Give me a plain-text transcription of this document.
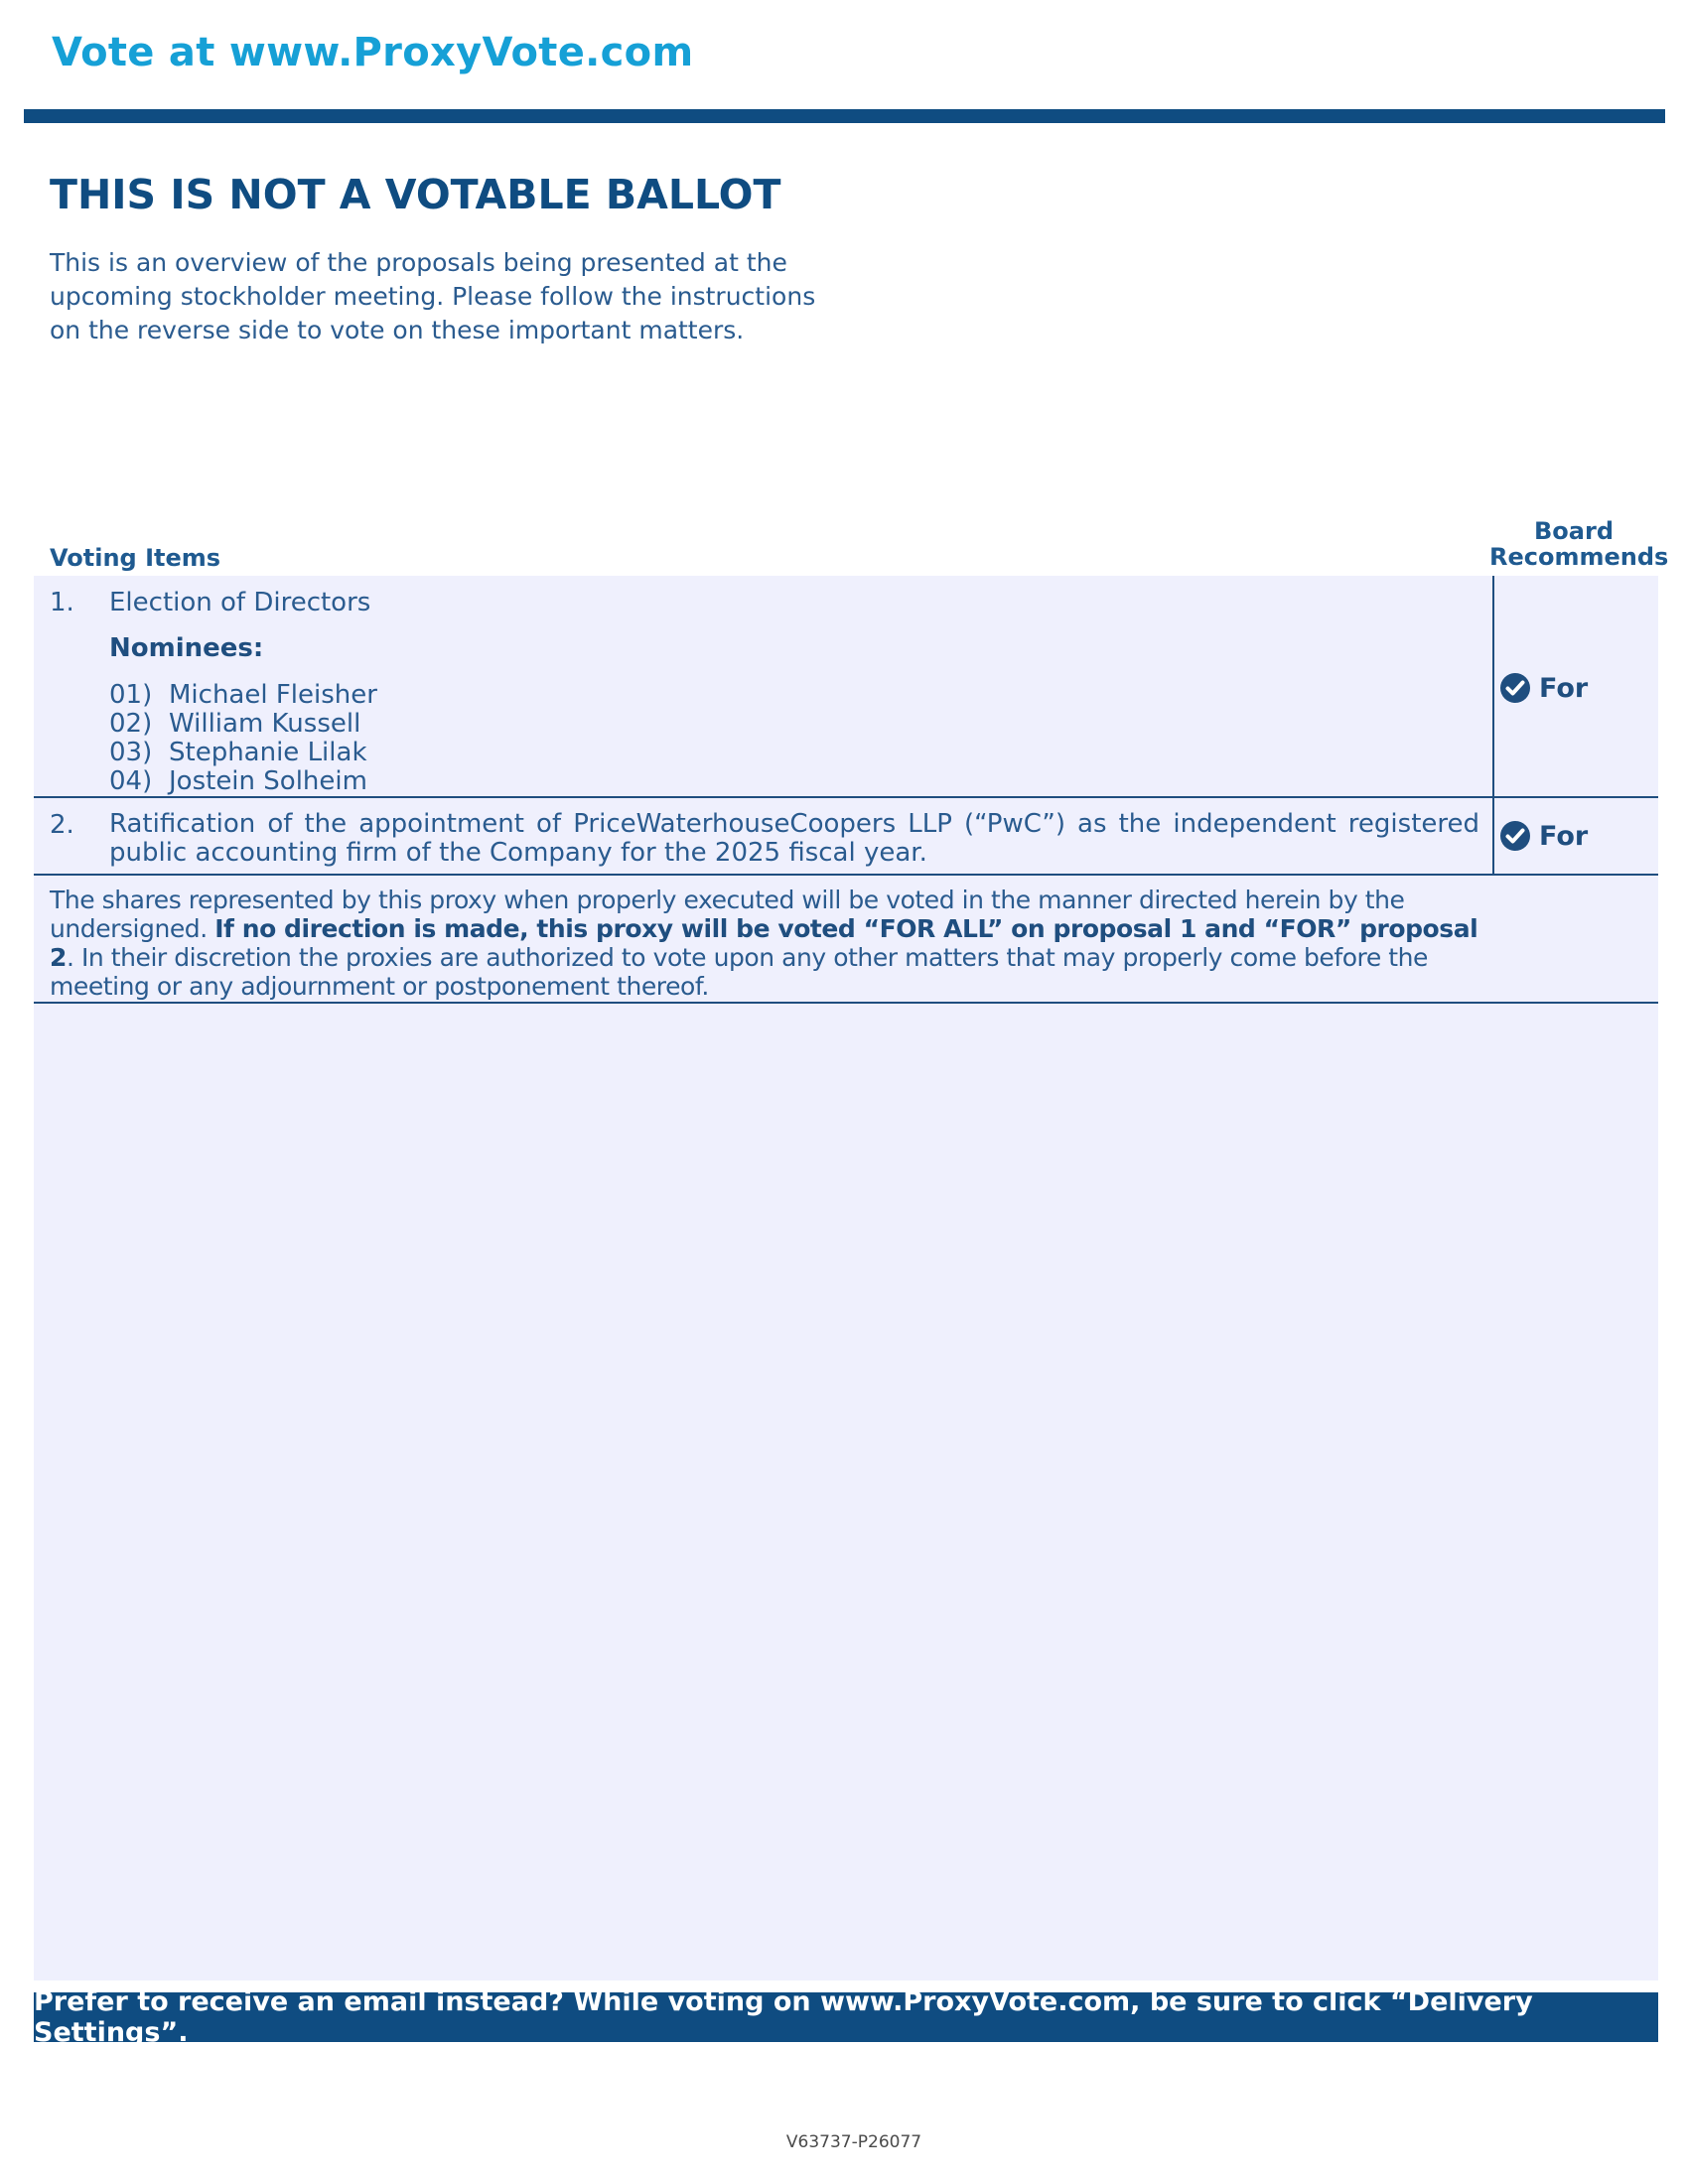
Vote at www.ProxyVote.com
THIS IS NOT A VOTABLE BALLOT
This is an overview of the proposals being presented at the upcoming stockholder meeting. Please follow the instructions on the reverse side to vote on these important matters.
Voting Items
Board
Recommends
1. Election of Directors
Nominees:
01) Michael Fleisher
02) William Kussell
03) Stephanie Lilak
04) Jostein Solheim
For
2. Ratification of the appointment of PriceWaterhouseCoopers LLP (“PwC”) as the independent registered public accounting firm of the Company for the 2025 fiscal year.
For
The shares represented by this proxy when properly executed will be voted in the manner directed herein by the undersigned. If no direction is made, this proxy will be voted “FOR ALL” on proposal 1 and “FOR” proposal 2. In their discretion the proxies are authorized to vote upon any other matters that may properly come before the meeting or any adjournment or postponement thereof.
Prefer to receive an email instead? While voting on www.ProxyVote.com, be sure to click “Delivery Settings”.
V63737-P26077
